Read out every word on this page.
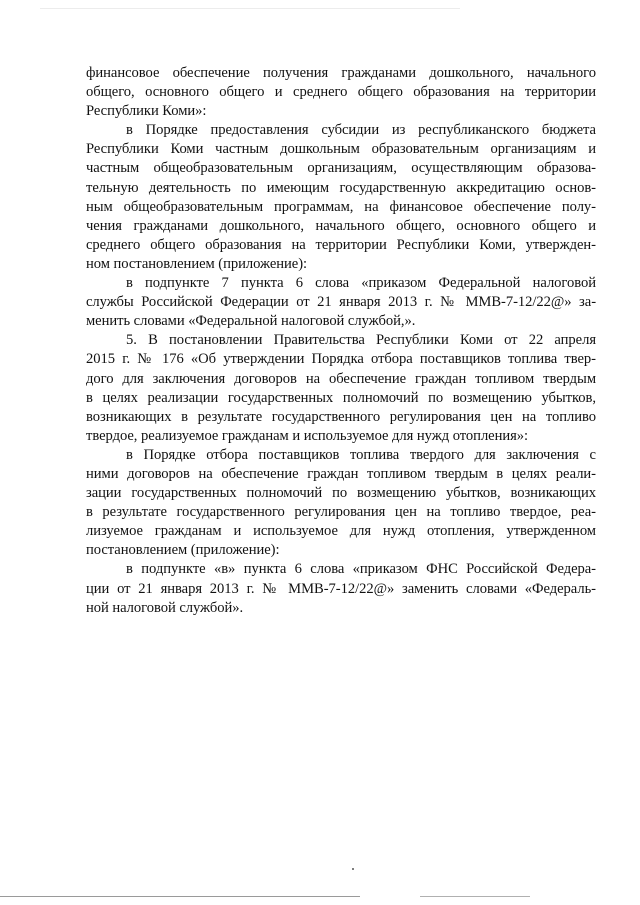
финансовое обеспечение получения гражданами дошкольного, начального
общего, основного общего и среднего общего образования на территории
Республики Коми»:
в Порядке предоставления субсидии из республиканского бюджета
Республики Коми частным дошкольным образовательным организациям и
частным общеобразовательным организациям, осуществляющим образова-
тельную деятельность по имеющим государственную аккредитацию основ-
ным общеобразовательным программам, на финансовое обеспечение полу-
чения гражданами дошкольного, начального общего, основного общего и
среднего общего образования на территории Республики Коми, утвержден-
ном постановлением (приложение):
в подпункте 7 пункта 6 слова «приказом Федеральной налоговой
службы Российской Федерации от 21 января 2013 г. № ММВ-7-12/22@» за-
менить словами «Федеральной налоговой службой,».
5. В постановлении Правительства Республики Коми от 22 апреля
2015 г. № 176 «Об утверждении Порядка отбора поставщиков топлива твер-
дого для заключения договоров на обеспечение граждан топливом твердым
в целях реализации государственных полномочий по возмещению убытков,
возникающих в результате государственного регулирования цен на топливо
твердое, реализуемое гражданам и используемое для нужд отопления»:
в Порядке отбора поставщиков топлива твердого для заключения с
ними договоров на обеспечение граждан топливом твердым в целях реали-
зации государственных полномочий по возмещению убытков, возникающих
в результате государственного регулирования цен на топливо твердое, реа-
лизуемое гражданам и используемое для нужд отопления, утвержденном
постановлением (приложение):
в подпункте «в» пункта 6 слова «приказом ФНС Российской Федера-
ции от 21 января 2013 г. № ММВ-7-12/22@» заменить словами «Федераль-
ной налоговой службой».
